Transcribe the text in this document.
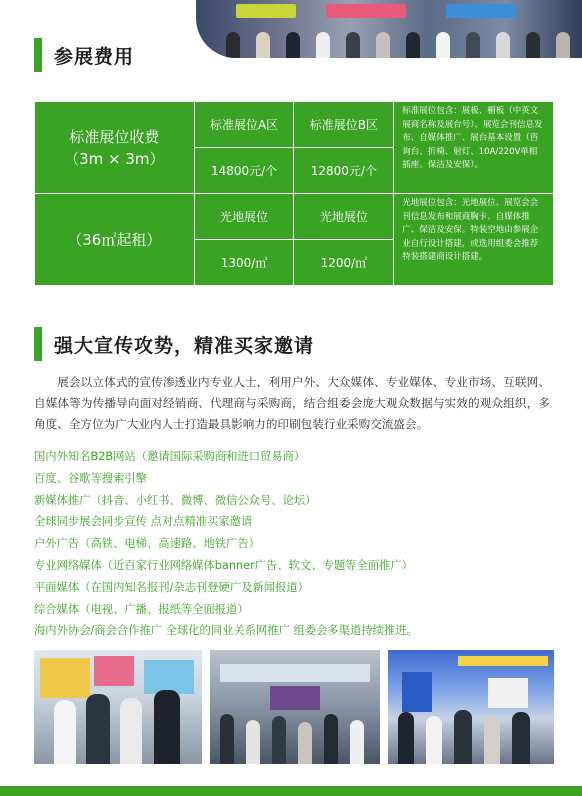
参展费用
标准展位收费
（3m × 3m）	标准展位A区	标准展位B区	标准展位包含：展板、楣板（中英文展商名称及展台号）、展览会刊信息发布、自媒体推广、展台基本设置（咨询台、折椅、射灯、10A/220V单相插座、保洁及安保）。
	14800元/个	12800元/个	
（36㎡起租）	光地展位	光地展位	光地展位包含：光地展位、展览会会刊信息发布和展商胸卡、自媒体推广、保洁及安保。特装空地由参展企业自行设计搭建，或选用组委会推荐特装搭建商设计搭建。
	1300/㎡	1200/㎡	
强大宣传攻势，精准买家邀请

展会以立体式的宣传渗透业内专业人士，利用户外、大众媒体、专业媒体、专业市场、互联网、自媒体等为传播导向面对经销商、代理商与采购商，结合组委会庞大观众数据与实效的观众组织，多角度、全方位为广大业内人士打造最具影响力的印刷包装行业采购交流盛会。

国内外知名B2B网站（邀请国际采购商和进口贸易商）
百度、谷歌等搜索引擎
新媒体推广（抖音、小红书、微博、微信公众号、论坛）
全球同步展会同步宣传 点对点精准买家邀请
户外广告（高铁、电梯、高速路、地铁广告）
专业网络媒体（近百家行业网络媒体banner广告、软文、专题等全面推广）
平面媒体（在国内知名报刊/杂志刊登硬广及新闻报道）
综合媒体（电视、广播、报纸等全面报道）
海内外协会/商会合作推广 全球化的同业关系网推广 组委会多渠道持续推进。
